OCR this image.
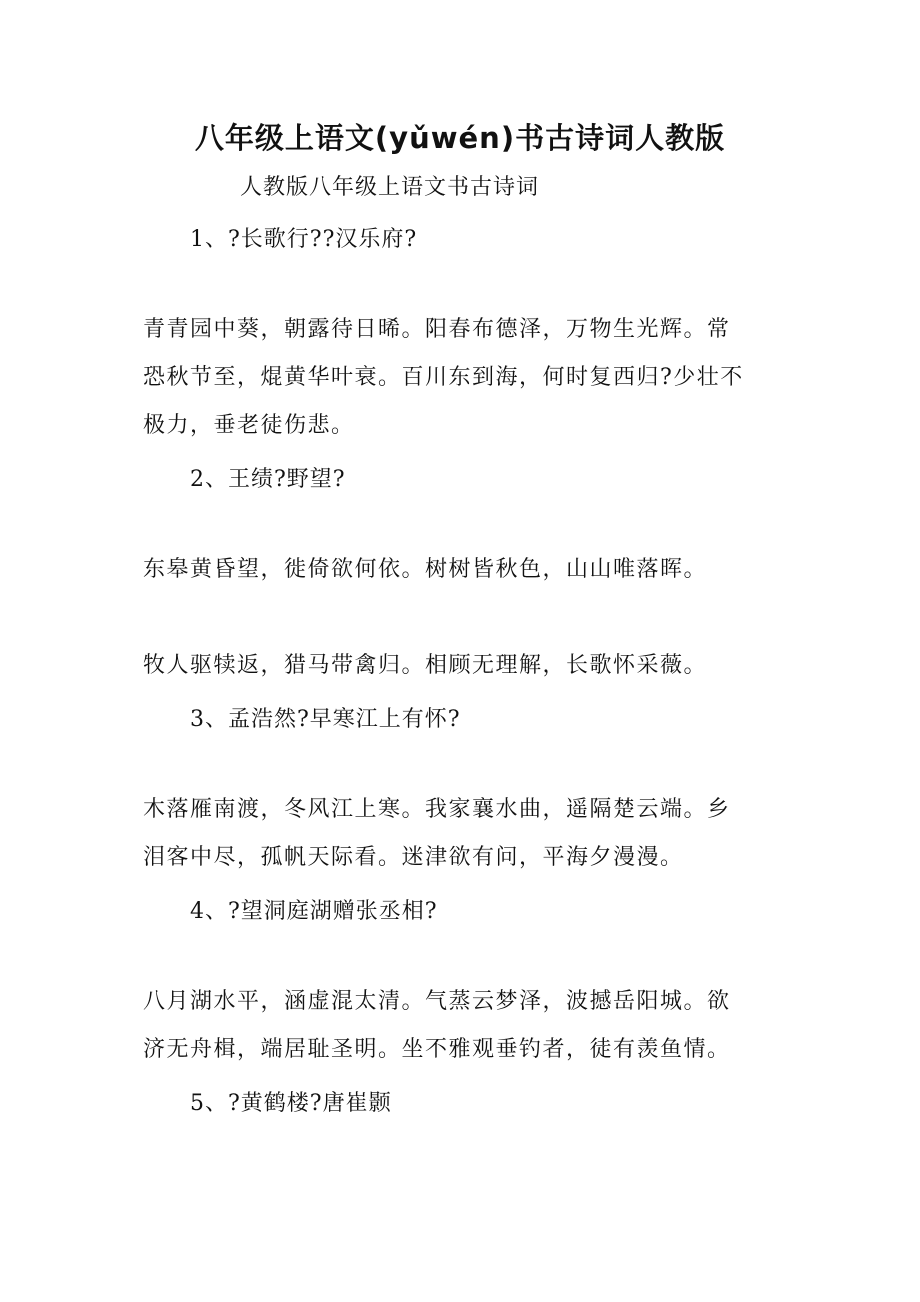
八年级上语文(yǔwén)书古诗词人教版
人教版八年级上语文书古诗词
1、?长歌行??汉乐府?
青青园中葵，朝露待日晞。阳春布德泽，万物生光辉。常
恐秋节至，焜黄华叶衰。百川东到海，何时复西归?少壮不
极力，垂老徒伤悲。
2、王绩?野望?
东皋黄昏望，徙倚欲何依。树树皆秋色，山山唯落晖。
牧人驱犊返，猎马带禽归。相顾无理解，长歌怀采薇。
3、孟浩然?早寒江上有怀?
木落雁南渡，冬风江上寒。我家襄水曲，遥隔楚云端。乡
泪客中尽，孤帆天际看。迷津欲有问，平海夕漫漫。
4、?望洞庭湖赠张丞相?
八月湖水平，涵虚混太清。气蒸云梦泽，波撼岳阳城。欲
济无舟楫，端居耻圣明。坐不雅观垂钓者，徒有羡鱼情。
5、?黄鹤楼?唐崔颢
